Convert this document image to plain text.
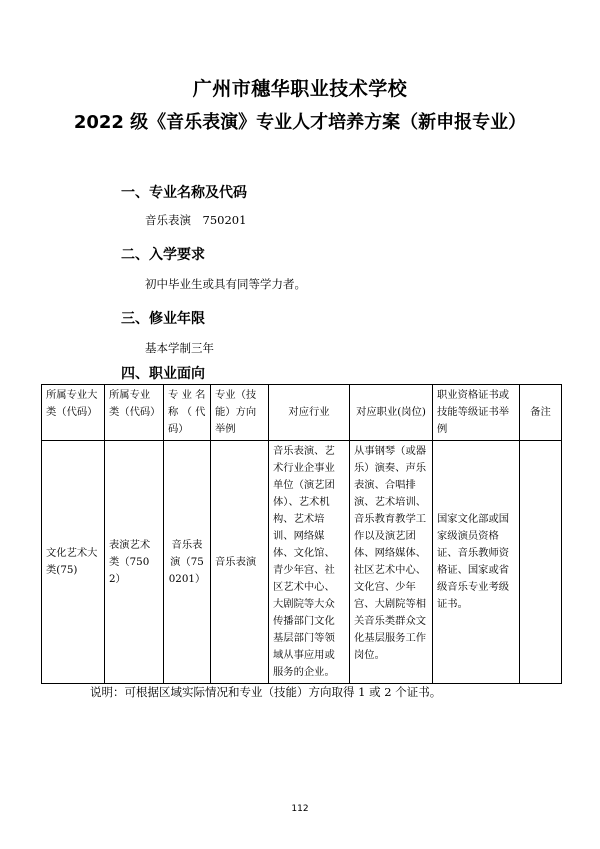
广州市穗华职业技术学校
2022 级《音乐表演》专业人才培养方案（新申报专业）
一、专业名称及代码
音乐表演　750201
二、入学要求
初中毕业生或具有同等学力者。
三、修业年限
基本学制三年
四、职业面向
所属专业大类（代码）	所属专业类（代码）	专 业 名称 （ 代码）	专业（技能）方向举例	对应行业	对应职业(岗位)	职业资格证书或技能等级证书举例	备注
文化艺术大类(75)	表演艺术类（7502）	音乐表演（750201）	音乐表演	音乐表演、艺术行业企事业单位（演艺团体）、艺术机构、艺术培训、网络媒体、文化馆、青少年宫、社区艺术中心、大剧院等大众传播部门文化基层部门等领域从事应用或服务的企业。	从事钢琴（或器乐）演奏、声乐表演、合唱排演、艺术培训、音乐教育教学工作以及演艺团体、网络媒体、社区艺术中心、文化宫、少年宫、大剧院等相关音乐类群众文化基层服务工作岗位。	国家文化部或国家级演员资格证、音乐教师资格证、国家或省级音乐专业考级证书。	
说明：可根据区域实际情况和专业（技能）方向取得 1 或 2 个证书。
112
